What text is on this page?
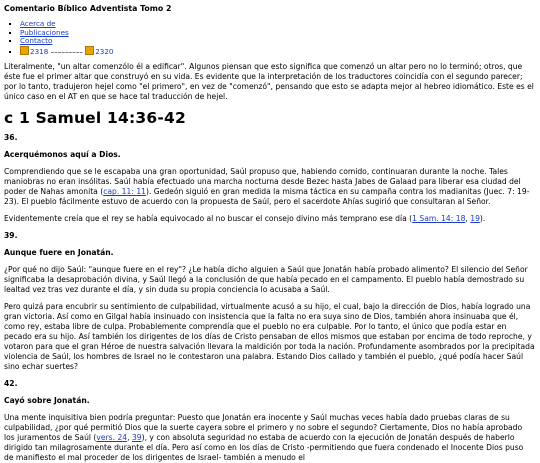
Comentario Bíblico Adventista Tomo 2
▪ Acerca de
▪ Publicaciones
▪ Contacto
▪ 2318 ––––––––– 2320

Literalmente, "un altar comenzólo él a edificar". Algunos piensan que esto significa que comenzó un altar pero no lo terminó; otros, que éste fue el primer altar que construyó en su vida. Es evidente que la interpretación de los traductores coincidía con el segundo parecer; por lo tanto, tradujeron hejel como "el primero", en vez de "comenzó", pensando que esto se adapta mejor al hebreo idiomático. Este es el único caso en el AT en que se hace tal traducción de hejel.

c 1 Samuel 14:36-42
36.
Acerquémonos aquí a Dios.

Comprendiendo que se le escapaba una gran oportunidad, Saúl propuso que, habiendo comido, continuaran durante la noche. Tales maniobras no eran insólitas. Saúl había efectuado una marcha nocturna desde Bezec hasta Jabes de Galaad para liberar esa ciudad del poder de Nahas amonita (cap. 11: 11). Gedeón siguió en gran medida la misma táctica en su campaña contra los madianitas (Juec. 7: 19-23). El pueblo fácilmente estuvo de acuerdo con la propuesta de Saúl, pero el sacerdote Ahías sugirió que consultaran al Señor.

Evidentemente creía que el rey se había equivocado al no buscar el consejo divino más temprano ese día (1 Sam. 14: 18, 19).

39.
Aunque fuere en Jonatán.

¿Por qué no dijo Saúl: "aunque fuere en el rey"? ¿Le había dicho alguien a Saúl que Jonatán había probado alimento? El silencio del Señor significaba la desaprobación divina, y Saúl llegó a la conclusión de que había pecado en el campamento. El pueblo había demostrado su lealtad vez tras vez durante el día, y sin duda su propia conciencia lo acusaba a Saúl.

Pero quizá para encubrir su sentimiento de culpabilidad, virtualmente acusó a su hijo, el cual, bajo la dirección de Dios, había logrado una gran victoria. Así como en Gilgal había insinuado con insistencia que la falta no era suya sino de Dios, también ahora insinuaba que él, como rey, estaba libre de culpa. Probablemente comprendía que el pueblo no era culpable. Por lo tanto, el único que podía estar en pecado era su hijo. Así también los dirigentes de los días de Cristo pensaban de ellos mismos que estaban por encima de todo reproche, y votaron para que el gran Héroe de nuestra salvación llevara la maldición por toda la nación. Profundamente asombrados por la precipitada violencia de Saúl, los hombres de Israel no le contestaron una palabra. Estando Dios callado y también el pueblo, ¿qué podía hacer Saúl sino echar suertes?

42.
Cayó sobre Jonatán.

Una mente inquisitiva bien podría preguntar: Puesto que Jonatán era inocente y Saúl muchas veces había dado pruebas claras de su culpabilidad, ¿por qué permitió Dios que la suerte cayera sobre el primero y no sobre el segundo? Ciertamente, Dios no había aprobado los juramentos de Saúl (vers. 24, 39), y con absoluta seguridad no estaba de acuerdo con la ejecución de Jonatán después de haberlo dirigido tan milagrosamente durante el día. Pero así como en los días de Cristo -permitiendo que fuera condenado el Inocente Dios puso de manifiesto el mal proceder de los dirigentes de Israel- también a menudo el
